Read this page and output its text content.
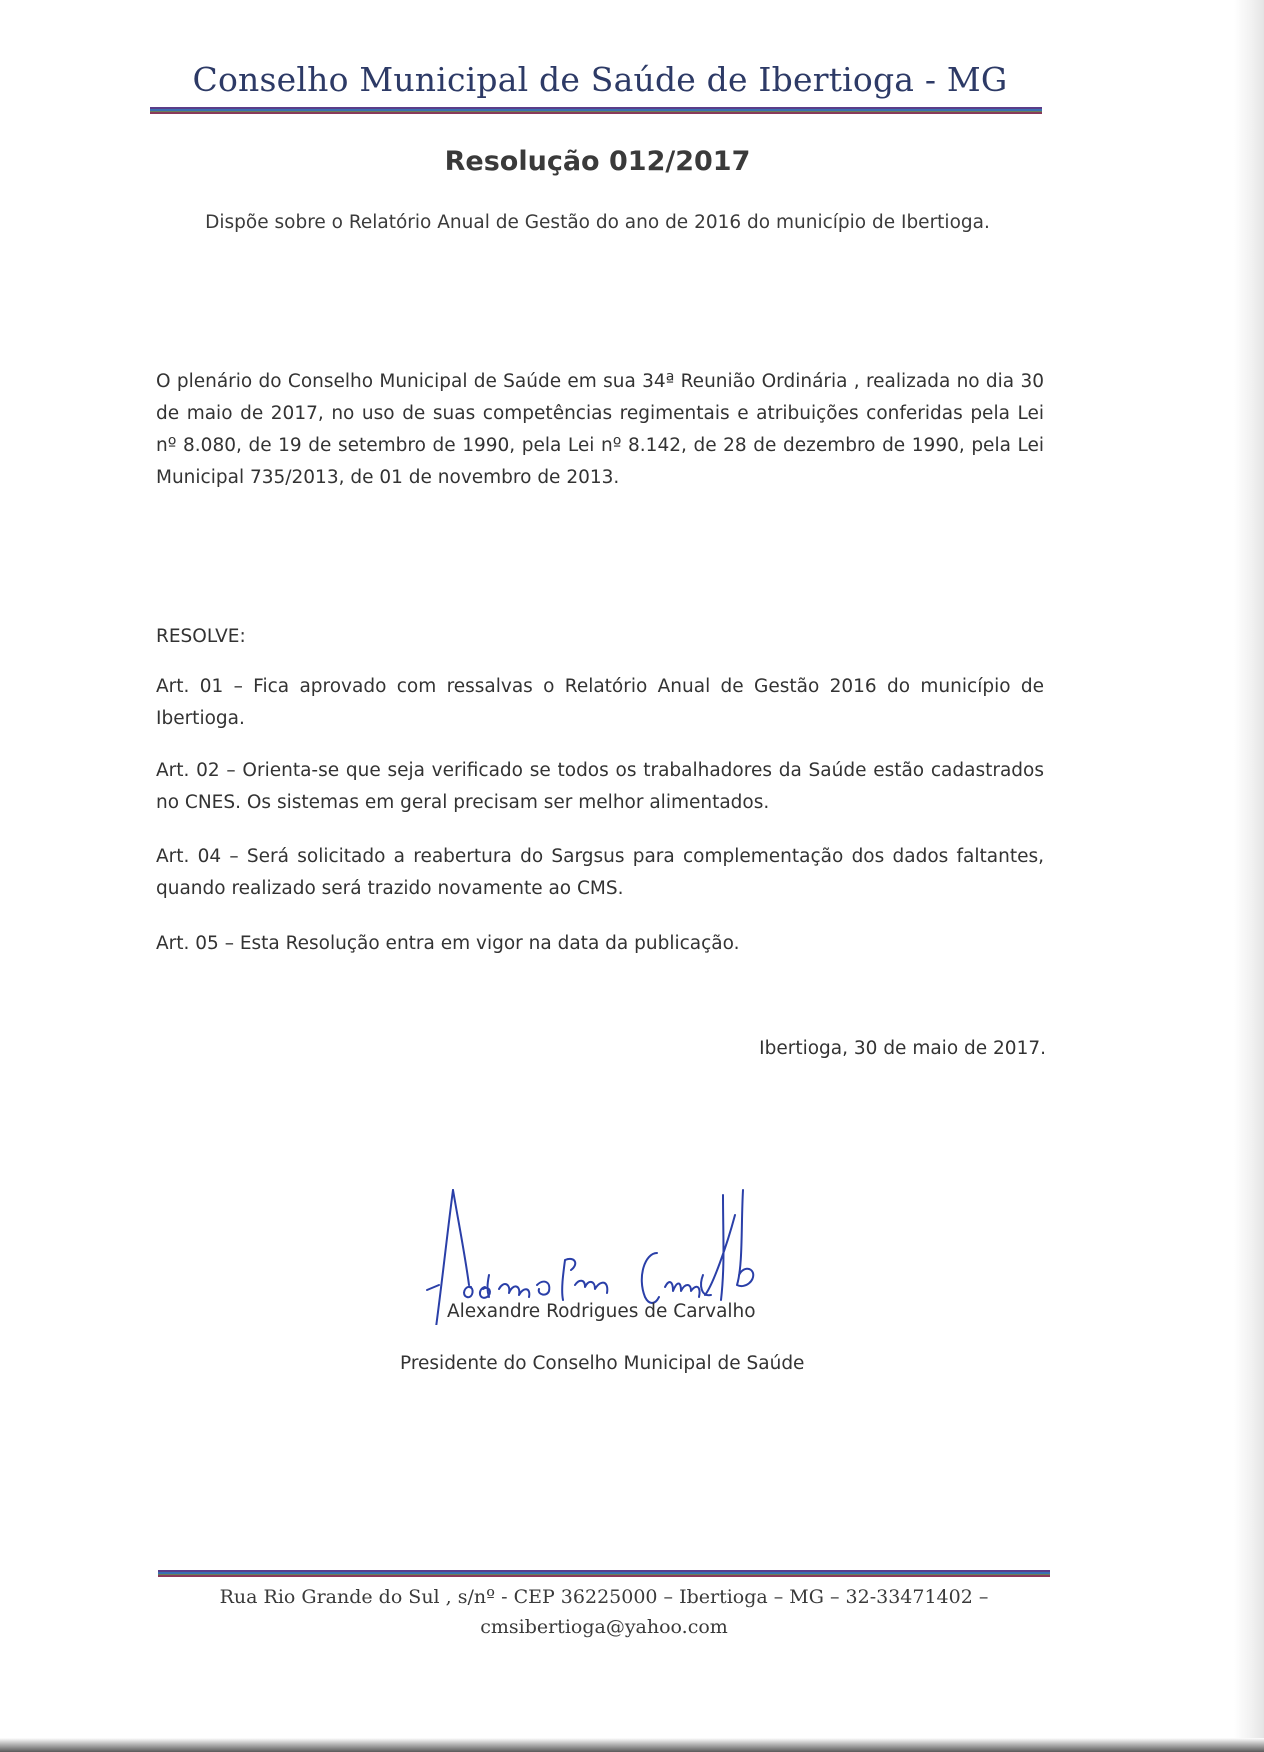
Conselho Municipal de Saúde de Ibertioga - MG
Resolução 012/2017
Dispõe sobre o Relatório Anual de Gestão do ano de 2016 do município de Ibertioga.

O plenário do Conselho Municipal de Saúde em sua 34ª Reunião Ordinária , realizada no dia 30 de maio de 2017, no uso de suas competências regimentais e atribuições conferidas pela Lei nº 8.080, de 19 de setembro de 1990, pela Lei nº 8.142, de 28 de dezembro de 1990, pela Lei Municipal 735/2013, de 01 de novembro de 2013.

RESOLVE:

Art. 01 – Fica aprovado com ressalvas o Relatório Anual de Gestão 2016 do município de Ibertioga.

Art. 02 – Orienta-se que seja verificado se todos os trabalhadores da Saúde estão cadastrados no CNES. Os sistemas em geral precisam ser melhor alimentados.

Art. 04 – Será solicitado a reabertura do Sargsus para complementação dos dados faltantes, quando realizado será trazido novamente ao CMS.

Art. 05 – Esta Resolução entra em vigor na data da publicação.

Ibertioga, 30 de maio de 2017.
Alexandre Rodrigues de Carvalho
Presidente do Conselho Municipal de Saúde
Rua Rio Grande do Sul , s/nº - CEP 36225000 – Ibertioga – MG – 32-33471402 –
cmsibertioga@yahoo.com
